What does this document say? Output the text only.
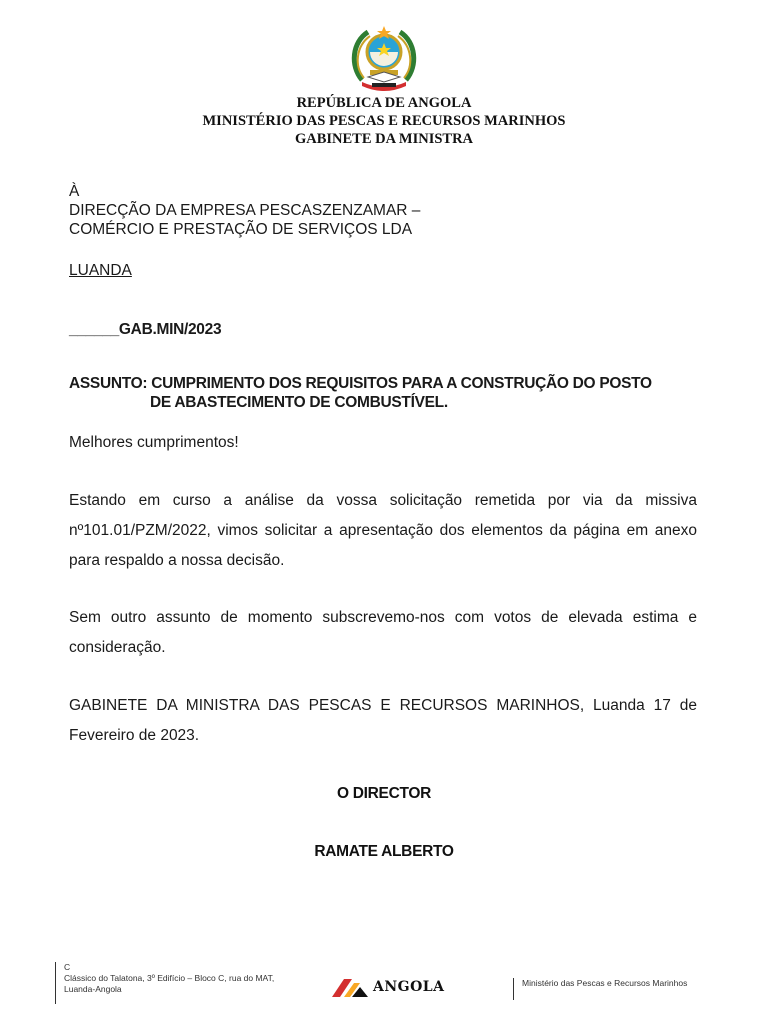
REPÚBLICA DE ANGOLA
MINISTÉRIO DAS PESCAS E RECURSOS MARINHOS
GABINETE DA MINISTRA
À
DIRECÇÃO DA EMPRESA PESCASZENZAMAR –
COMÉRCIO E PRESTAÇÃO DE SERVIÇOS LDA
LUANDA
______GAB.MIN/2023
ASSUNTO: CUMPRIMENTO DOS REQUISITOS PARA A CONSTRUÇÃO DO POSTO
DE ABASTECIMENTO DE COMBUSTÍVEL.
Melhores cumprimentos!
Estando em curso a análise da vossa solicitação remetida por via da missiva nº101.01/PZM/2022, vimos solicitar a apresentação dos elementos da página em anexo para respaldo a nossa decisão.
Sem outro assunto de momento subscrevemo-nos com votos de elevada estima e consideração.
GABINETE DA MINISTRA DAS PESCAS E RECURSOS MARINHOS, Luanda 17 de Fevereiro de 2023.
O DIRECTOR
RAMATE ALBERTO
C
Clássico do Talatona, 3º Edifício – Bloco C, rua do MAT,
Luanda-Angola	ANGOLA	Ministério das Pescas e Recursos Marinhos
